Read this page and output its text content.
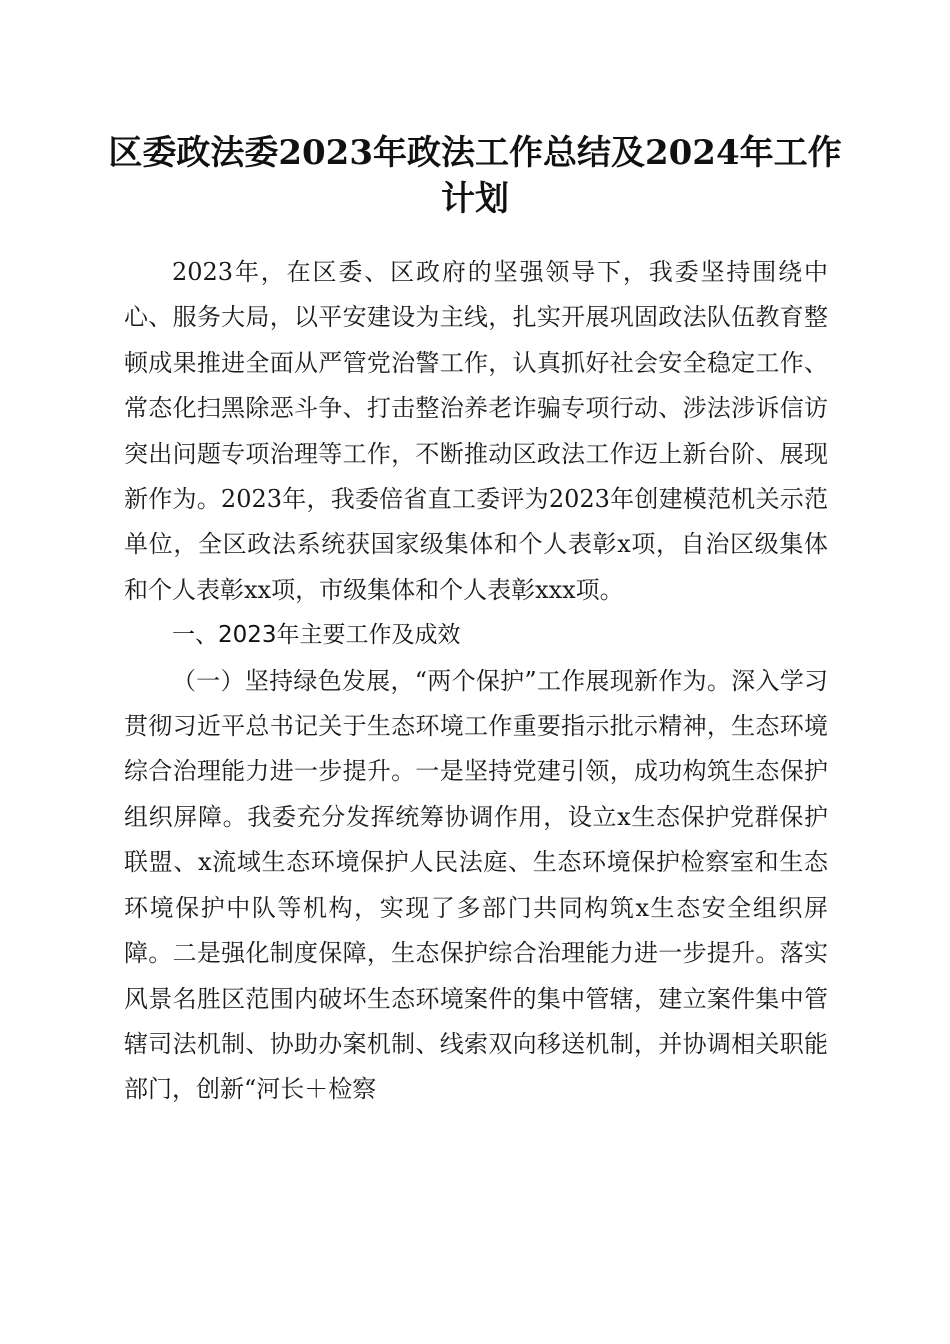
区委政法委2023年政法工作总结及2024年工作计划

2023年，在区委、区政府的坚强领导下，我委坚持围绕中心、服务大局，以平安建设为主线，扎实开展巩固政法队伍教育整顿成果推进全面从严管党治警工作，认真抓好社会安全稳定工作、常态化扫黑除恶斗争、打击整治养老诈骗专项行动、涉法涉诉信访突出问题专项治理等工作，不断推动区政法工作迈上新台阶、展现新作为。2023年，我委倍省直工委评为2023年创建模范机关示范单位，全区政法系统获国家级集体和个人表彰x项，自治区级集体和个人表彰xx项，市级集体和个人表彰xxx项。

一、2023年主要工作及成效

（一）坚持绿色发展，“两个保护”工作展现新作为。深入学习贯彻习近平总书记关于生态环境工作重要指示批示精神，生态环境综合治理能力进一步提升。一是坚持党建引领，成功构筑生态保护组织屏障。我委充分发挥统筹协调作用，设立x生态保护党群保护联盟、x流域生态环境保护人民法庭、生态环境保护检察室和生态环境保护中队等机构，实现了多部门共同构筑x生态安全组织屏障。二是强化制度保障，生态保护综合治理能力进一步提升。落实风景名胜区范围内破坏生态环境案件的集中管辖，建立案件集中管辖司法机制、协助办案机制、线索双向移送机制，并协调相关职能部门，创新“河长＋检察
